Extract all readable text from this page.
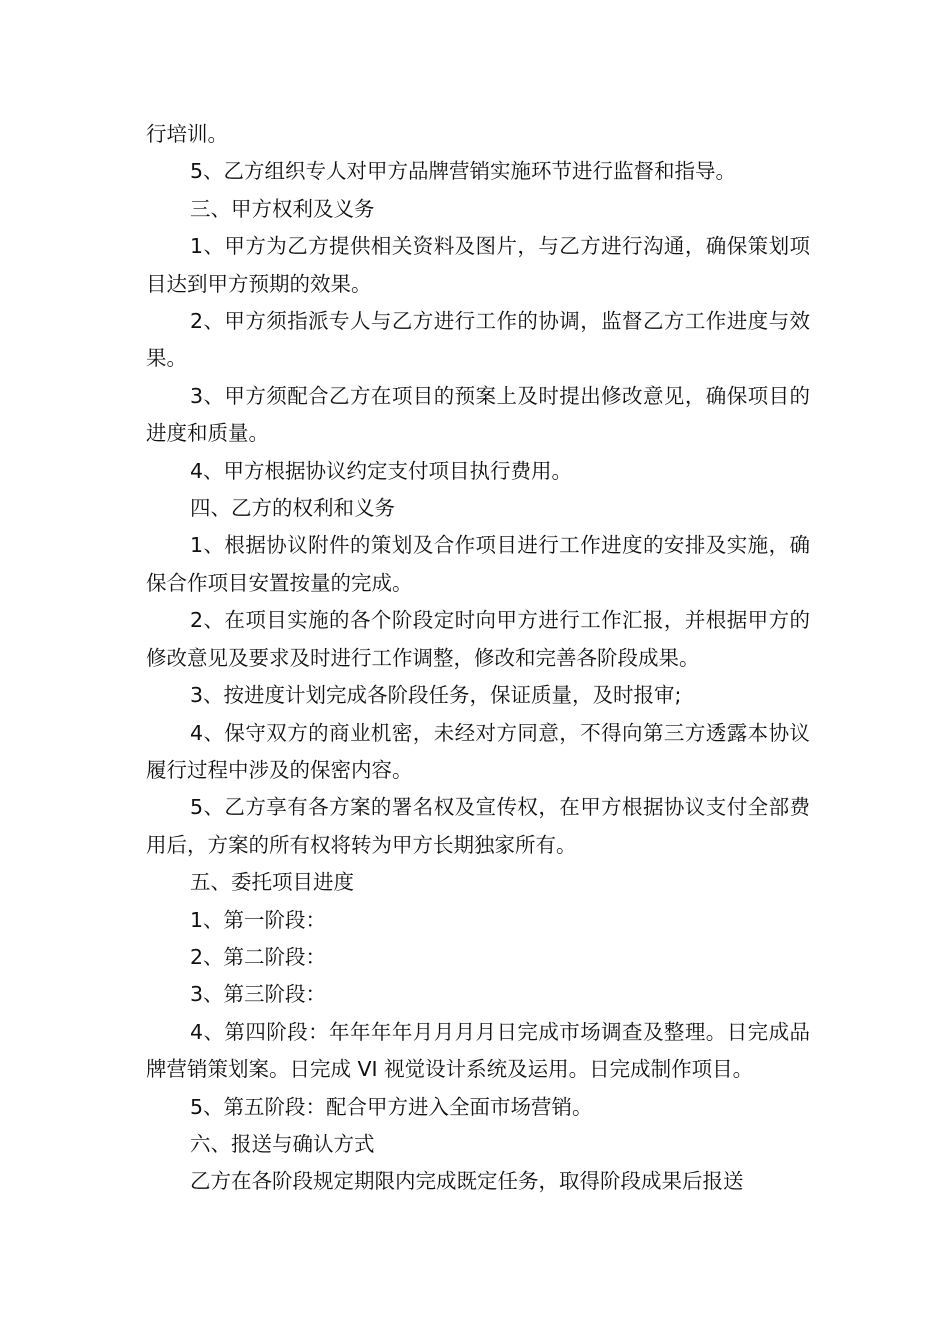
行培训。

5、乙方组织专人对甲方品牌营销实施环节进行监督和指导。

三、甲方权利及义务

1、甲方为乙方提供相关资料及图片，与乙方进行沟通，确保策划项目达到甲方预期的效果。

2、甲方须指派专人与乙方进行工作的协调，监督乙方工作进度与效果。

3、甲方须配合乙方在项目的预案上及时提出修改意见，确保项目的进度和质量。

4、甲方根据协议约定支付项目执行费用。

四、乙方的权利和义务

1、根据协议附件的策划及合作项目进行工作进度的安排及实施，确保合作项目安置按量的完成。

2、在项目实施的各个阶段定时向甲方进行工作汇报，并根据甲方的修改意见及要求及时进行工作调整，修改和完善各阶段成果。

3、按进度计划完成各阶段任务，保证质量，及时报审;

4、保守双方的商业机密，未经对方同意，不得向第三方透露本协议履行过程中涉及的保密内容。

5、乙方享有各方案的署名权及宣传权，在甲方根据协议支付全部费用后，方案的所有权将转为甲方长期独家所有。

五、委托项目进度

1、第一阶段：

2、第二阶段：

3、第三阶段：

4、第四阶段：年年年年月月月月日完成市场调查及整理。日完成品牌营销策划案。日完成 VI 视觉设计系统及运用。日完成制作项目。

5、第五阶段：配合甲方进入全面市场营销。

六、报送与确认方式

乙方在各阶段规定期限内完成既定任务，取得阶段成果后报送
